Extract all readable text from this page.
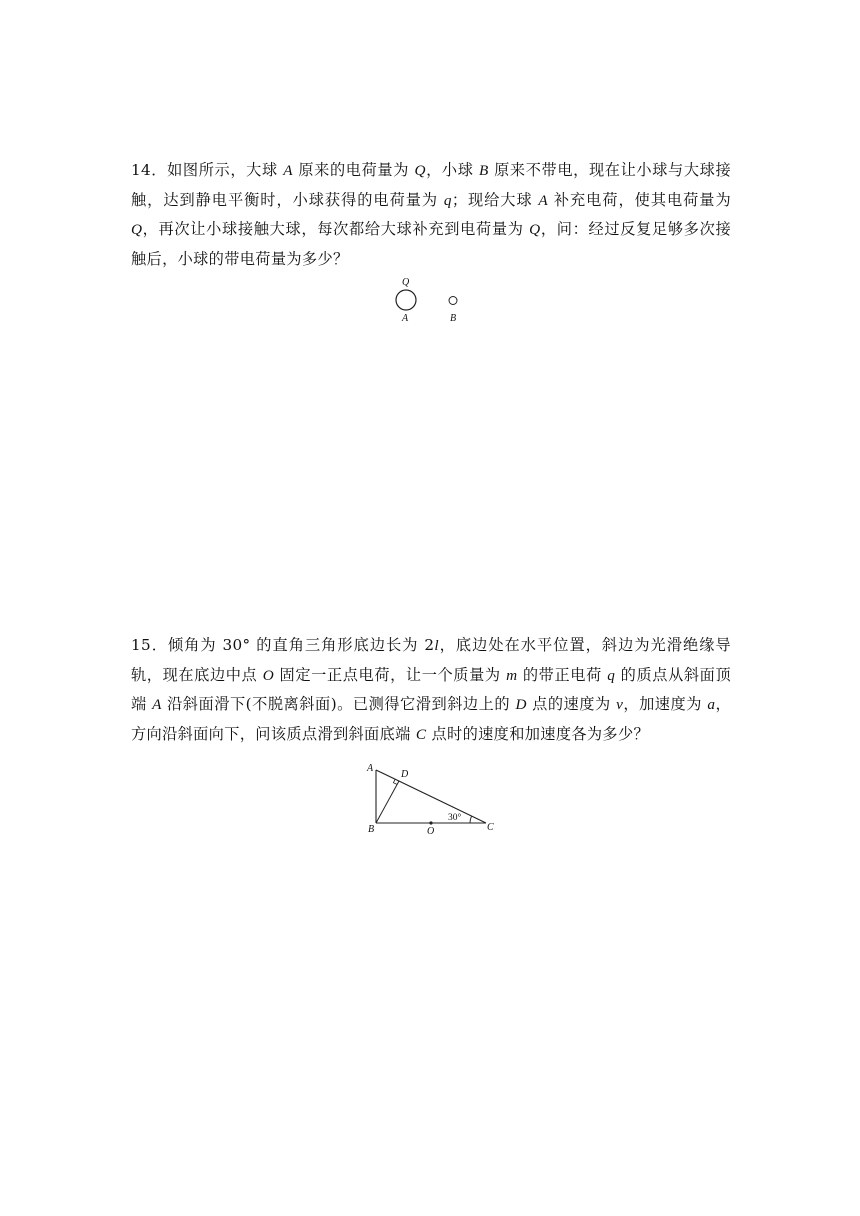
14．如图所示，大球 A 原来的电荷量为 Q，小球 B 原来不带电，现在让小球与大球接触，达到静电平衡时，小球获得的电荷量为 q；现给大球 A 补充电荷，使其电荷量为 Q，再次让小球接触大球，每次都给大球补充到电荷量为 Q，问：经过反复足够多次接触后，小球的带电荷量为多少？
Q
A	B
15．倾角为 30° 的直角三角形底边长为 2l，底边处在水平位置，斜边为光滑绝缘导轨，现在底边中点 O 固定一正点电荷，让一个质量为 m 的带正电荷 q 的质点从斜面顶端 A 沿斜面滑下(不脱离斜面)。已测得它滑到斜边上的 D 点的速度为 v，加速度为 a，方向沿斜面向下，问该质点滑到斜面底端 C 点时的速度和加速度各为多少？
A
B	C
D
O
30°
